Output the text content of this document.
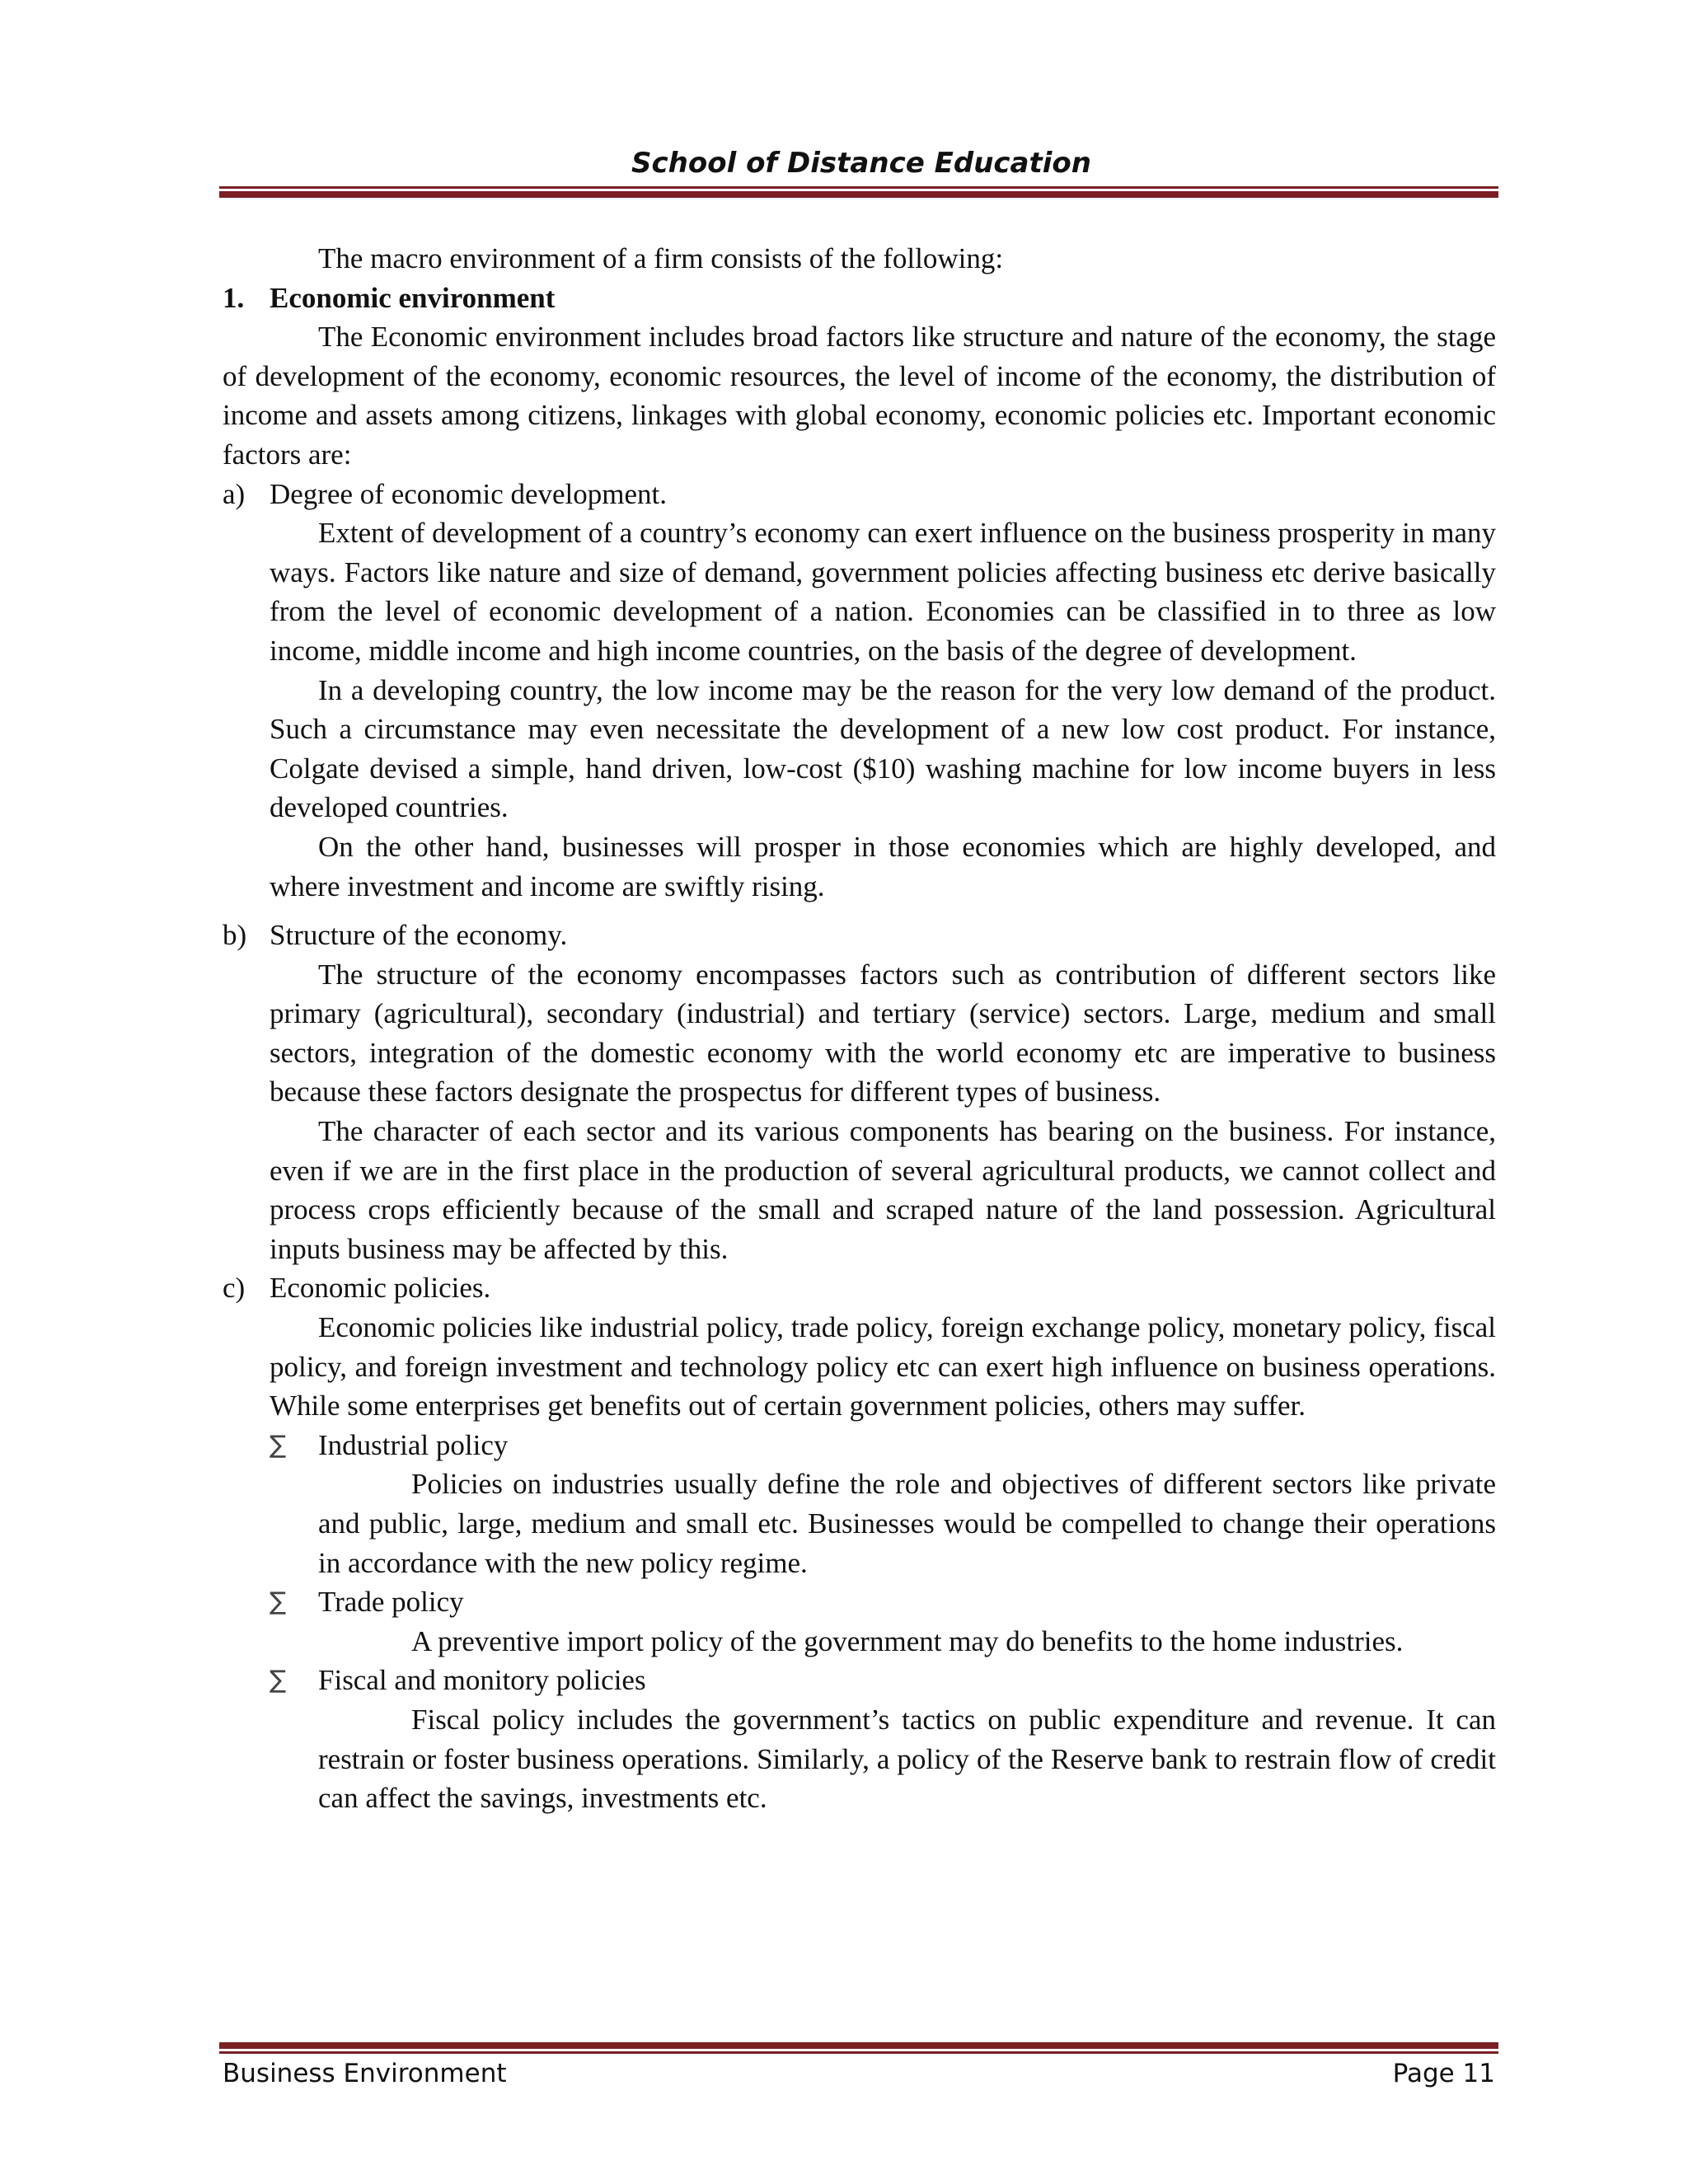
School of Distance Education

The macro environment of a firm consists of the following:

1. Economic environment

The Economic environment includes broad factors like structure and nature of the economy, the stage of development of the economy, economic resources, the level of income of the economy, the distribution of income and assets among citizens, linkages with global economy, economic policies etc. Important economic factors are:

a) Degree of economic development.

Extent of development of a country’s economy can exert influence on the business prosperity in many ways. Factors like nature and size of demand, government policies affecting business etc derive basically from the level of economic development of a nation. Economies can be classified in to three as low income, middle income and high income countries, on the basis of the degree of development.

In a developing country, the low income may be the reason for the very low demand of the product. Such a circumstance may even necessitate the development of a new low cost product. For instance, Colgate devised a simple, hand driven, low-cost ($10) washing machine for low income buyers in less developed countries.

On the other hand, businesses will prosper in those economies which are highly developed, and where investment and income are swiftly rising.

b) Structure of the economy.

The structure of the economy encompasses factors such as contribution of different sectors like primary (agricultural), secondary (industrial) and tertiary (service) sectors. Large, medium and small sectors, integration of the domestic economy with the world economy etc are imperative to business because these factors designate the prospectus for different types of business.

The character of each sector and its various components has bearing on the business. For instance, even if we are in the first place in the production of several agricultural products, we cannot collect and process crops efficiently because of the small and scraped nature of the land possession. Agricultural inputs business may be affected by this.

c) Economic policies.

Economic policies like industrial policy, trade policy, foreign exchange policy, monetary policy, fiscal policy, and foreign investment and technology policy etc can exert high influence on business operations. While some enterprises get benefits out of certain government policies, others may suffer.

∑	Industrial policy

Policies on industries usually define the role and objectives of different sectors like private and public, large, medium and small etc. Businesses would be compelled to change their operations in accordance with the new policy regime.

∑	Trade policy

A preventive import policy of the government may do benefits to the home industries.

∑	Fiscal and monitory policies

Fiscal policy includes the government’s tactics on public expenditure and revenue. It can restrain or foster business operations. Similarly, a policy of the Reserve bank to restrain flow of credit can affect the savings, investments etc.

Business Environment	Page 11
